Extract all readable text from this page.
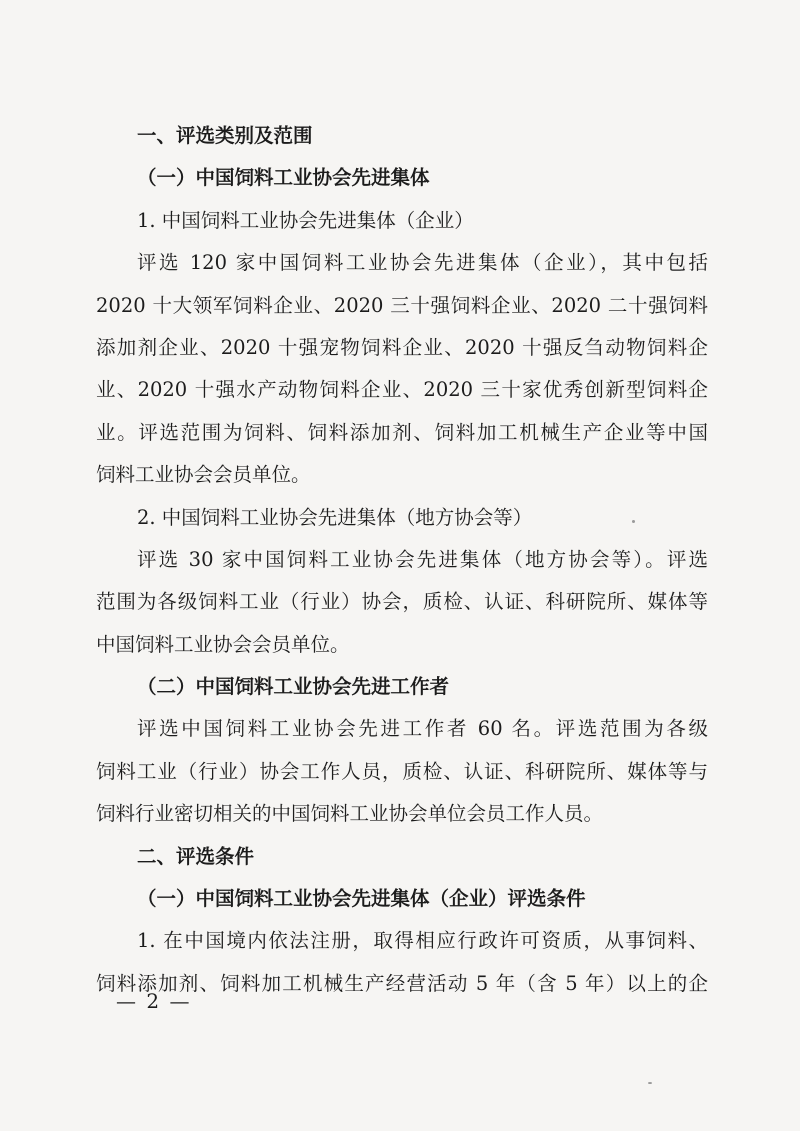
一、评选类别及范围
（一）中国饲料工业协会先进集体
1. 中国饲料工业协会先进集体（企业）
评选 120 家中国饲料工业协会先进集体（企业），其中包括
2020 十大领军饲料企业、2020 三十强饲料企业、2020 二十强饲料
添加剂企业、2020 十强宠物饲料企业、2020 十强反刍动物饲料企
业、2020 十强水产动物饲料企业、2020 三十家优秀创新型饲料企
业。评选范围为饲料、饲料添加剂、饲料加工机械生产企业等中国
饲料工业协会会员单位。
2. 中国饲料工业协会先进集体（地方协会等）
评选 30 家中国饲料工业协会先进集体（地方协会等）。评选
范围为各级饲料工业（行业）协会，质检、认证、科研院所、媒体等
中国饲料工业协会会员单位。
（二）中国饲料工业协会先进工作者
评选中国饲料工业协会先进工作者 60 名。评选范围为各级
饲料工业（行业）协会工作人员，质检、认证、科研院所、媒体等与
饲料行业密切相关的中国饲料工业协会单位会员工作人员。
二、评选条件
（一）中国饲料工业协会先进集体（企业）评选条件
1. 在中国境内依法注册，取得相应行政许可资质，从事饲料、
饲料添加剂、饲料加工机械生产经营活动 5 年（含 5 年）以上的企
— 2 —
